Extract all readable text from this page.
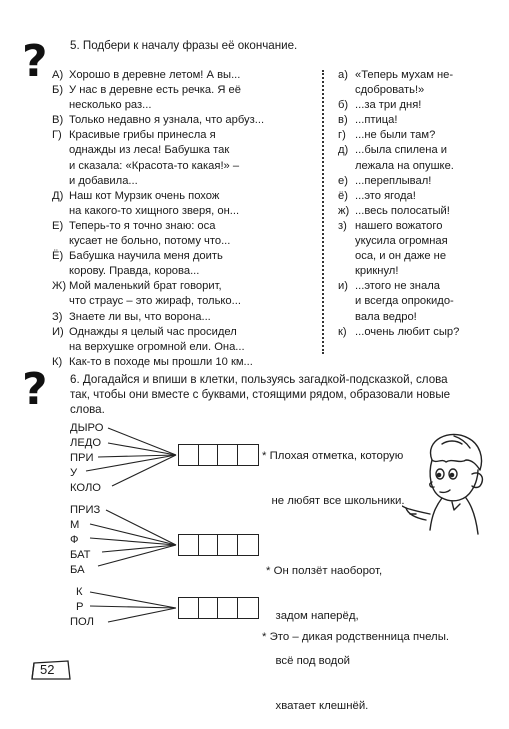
? 5. Подбери к началу фразы её окончание.
А) Хорошо в деревне летом! А вы...
Б) У нас в деревне есть речка. Я её
несколько раз...
В) Только недавно я узнала, что арбуз...
Г) Красивые грибы принесла я
однажды из леса! Бабушка так
и сказала: «Красота-то какая!» –
и добавила...
Д) Наш кот Мурзик очень похож
на какого-то хищного зверя, он...
Е) Теперь-то я точно знаю: оса
кусает не больно, потому что...
Ё) Бабушка научила меня доить
корову. Правда, корова...
Ж) Мой маленький брат говорит,
что страус – это жираф, только...
З) Знаете ли вы, что ворона...
И) Однажды я целый час просидел
на верхушке огромной ели. Она...
К) Как-то в походе мы прошли 10 км...
а) «Теперь мухам не-
сдобровать!»
б) ...за три дня!
в) ...птица!
г) ...не были там?
д) ...была спилена и
лежала на опушке.
е) ...переплывал!
ё) ...это ягода!
ж) ...весь полосатый!
з) нашего вожатого
укусила огромная
оса, и он даже не
крикнул!
и) ...этого не знала
и всегда опрокидо-
вала ведро!
к) ...очень любит сыр?
? 6. Догадайся и впиши в клетки, пользуясь загадкой-подсказкой, слова
так, чтобы они вместе с буквами, стоящими рядом, образовали новые
слова.
ДЫРО
ЛЕДО
ПРИ
У
КОЛО

* Плохая отметка, которую

не любят все школьники.

ПРИЗ
М
Ф
БАТ
БА

	* Он ползёт наоборот,

задом наперёд,

всё под водой

хватает клешнёй.

К
Р
ПОЛ

* Это – дикая родственница пчелы.

52
